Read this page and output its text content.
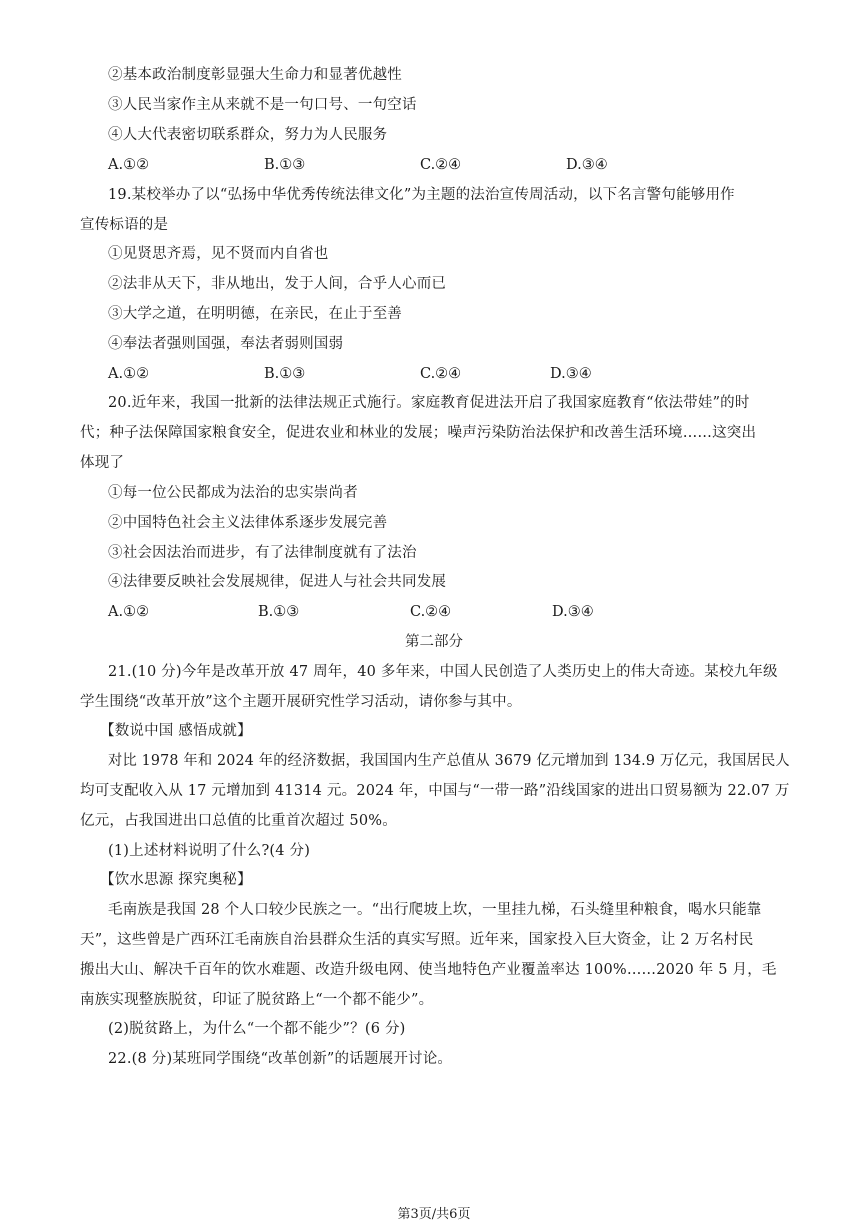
②基本政治制度彰显强大生命力和显著优越性
③人民当家作主从来就不是一句口号、一句空话
④人大代表密切联系群众，努力为人民服务
A.①②	B.①③	C.②④	D.③④
19.某校举办了以“弘扬中华优秀传统法律文化”为主题的法治宣传周活动，以下名言警句能够用作
宣传标语的是
①见贤思齐焉，见不贤而内自省也
②法非从天下，非从地出，发于人间，合乎人心而已
③大学之道，在明明德，在亲民，在止于至善
④奉法者强则国强，奉法者弱则国弱
A.①②	B.①③	C.②④	D.③④
20.近年来，我国一批新的法律法规正式施行。家庭教育促进法开启了我国家庭教育“依法带娃”的时
代；种子法保障国家粮食安全，促进农业和林业的发展；噪声污染防治法保护和改善生活环境……这突出
体现了
①每一位公民都成为法治的忠实崇尚者
②中国特色社会主义法律体系逐步发展完善
③社会因法治而进步，有了法律制度就有了法治
④法律要反映社会发展规律，促进人与社会共同发展
A.①②	B.①③	C.②④	D.③④
第二部分
21.(10 分)今年是改革开放 47 周年，40 多年来，中国人民创造了人类历史上的伟大奇迹。某校九年级
学生围绕“改革开放”这个主题开展研究性学习活动，请你参与其中。
【数说中国 感悟成就】
对比 1978 年和 2024 年的经济数据，我国国内生产总值从 3679 亿元增加到 134.9 万亿元，我国居民人
均可支配收入从 17 元增加到 41314 元。2024 年，中国与“一带一路”沿线国家的进出口贸易额为 22.07 万
亿元，占我国进出口总值的比重首次超过 50%。
(1)上述材料说明了什么?(4 分)
【饮水思源 探究奥秘】
毛南族是我国 28 个人口较少民族之一。“出行爬坡上坎，一里挂九梯，石头缝里种粮食，喝水只能靠
天”，这些曾是广西环江毛南族自治县群众生活的真实写照。近年来，国家投入巨大资金，让 2 万名村民
搬出大山、解决千百年的饮水难题、改造升级电网、使当地特色产业覆盖率达 100%……2020 年 5 月，毛
南族实现整族脱贫，印证了脱贫路上“一个都不能少”。
(2)脱贫路上，为什么“一个都不能少”？(6 分)
22.(8 分)某班同学围绕“改革创新”的话题展开讨论。
第3页/共6页
